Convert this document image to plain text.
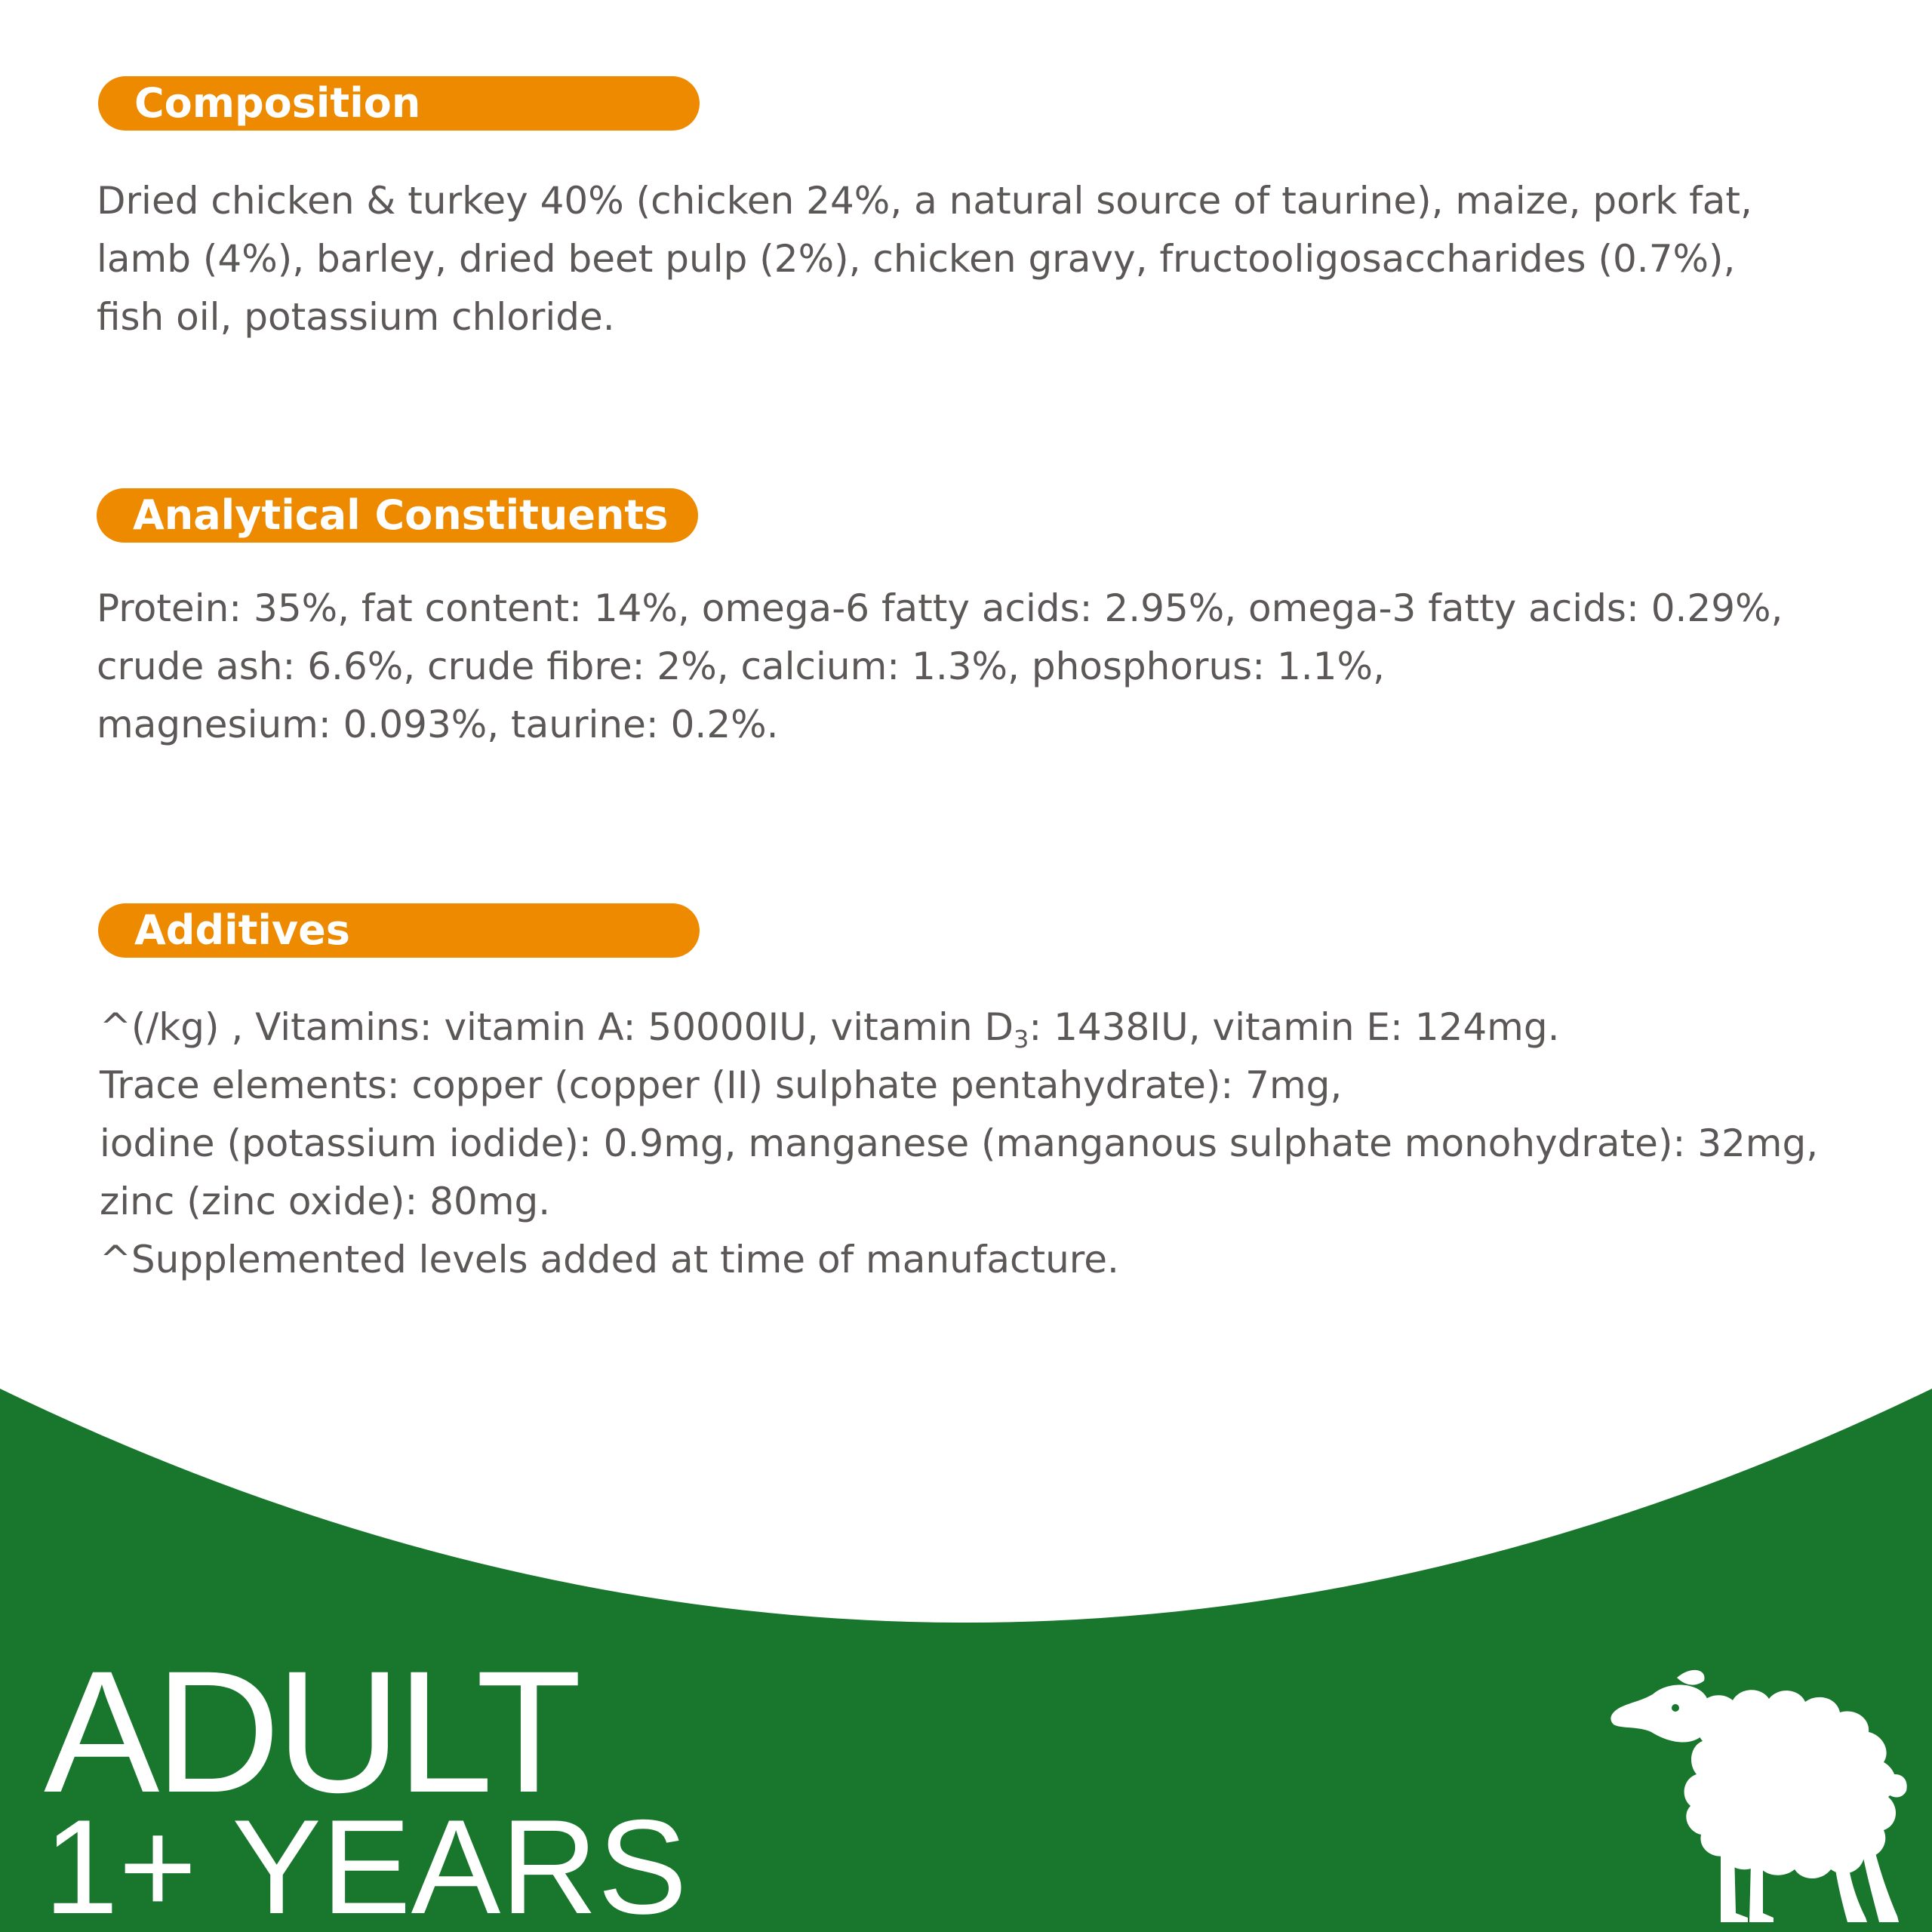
Composition
Dried chicken & turkey 40% (chicken 24%, a natural source of taurine), maize, pork fat,
lamb (4%), barley, dried beet pulp (2%), chicken gravy, fructooligosaccharides (0.7%),
fish oil, potassium chloride.
Analytical Constituents
Protein: 35%, fat content: 14%, omega-6 fatty acids: 2.95%, omega-3 fatty acids: 0.29%,
crude ash: 6.6%, crude fibre: 2%, calcium: 1.3%, phosphorus: 1.1%,
magnesium: 0.093%, taurine: 0.2%.
Additives
^(/kg) , Vitamins: vitamin A: 50000IU, vitamin $D_3$: 1438IU, vitamin E: 124mg.
Trace elements: copper (copper (II) sulphate pentahydrate): 7mg,
iodine (potassium iodide): 0.9mg, manganese (manganous sulphate monohydrate): 32mg,
zinc (zinc oxide): 80mg.
^Supplemented levels added at time of manufacture.
ADULT
1+ YEARS
